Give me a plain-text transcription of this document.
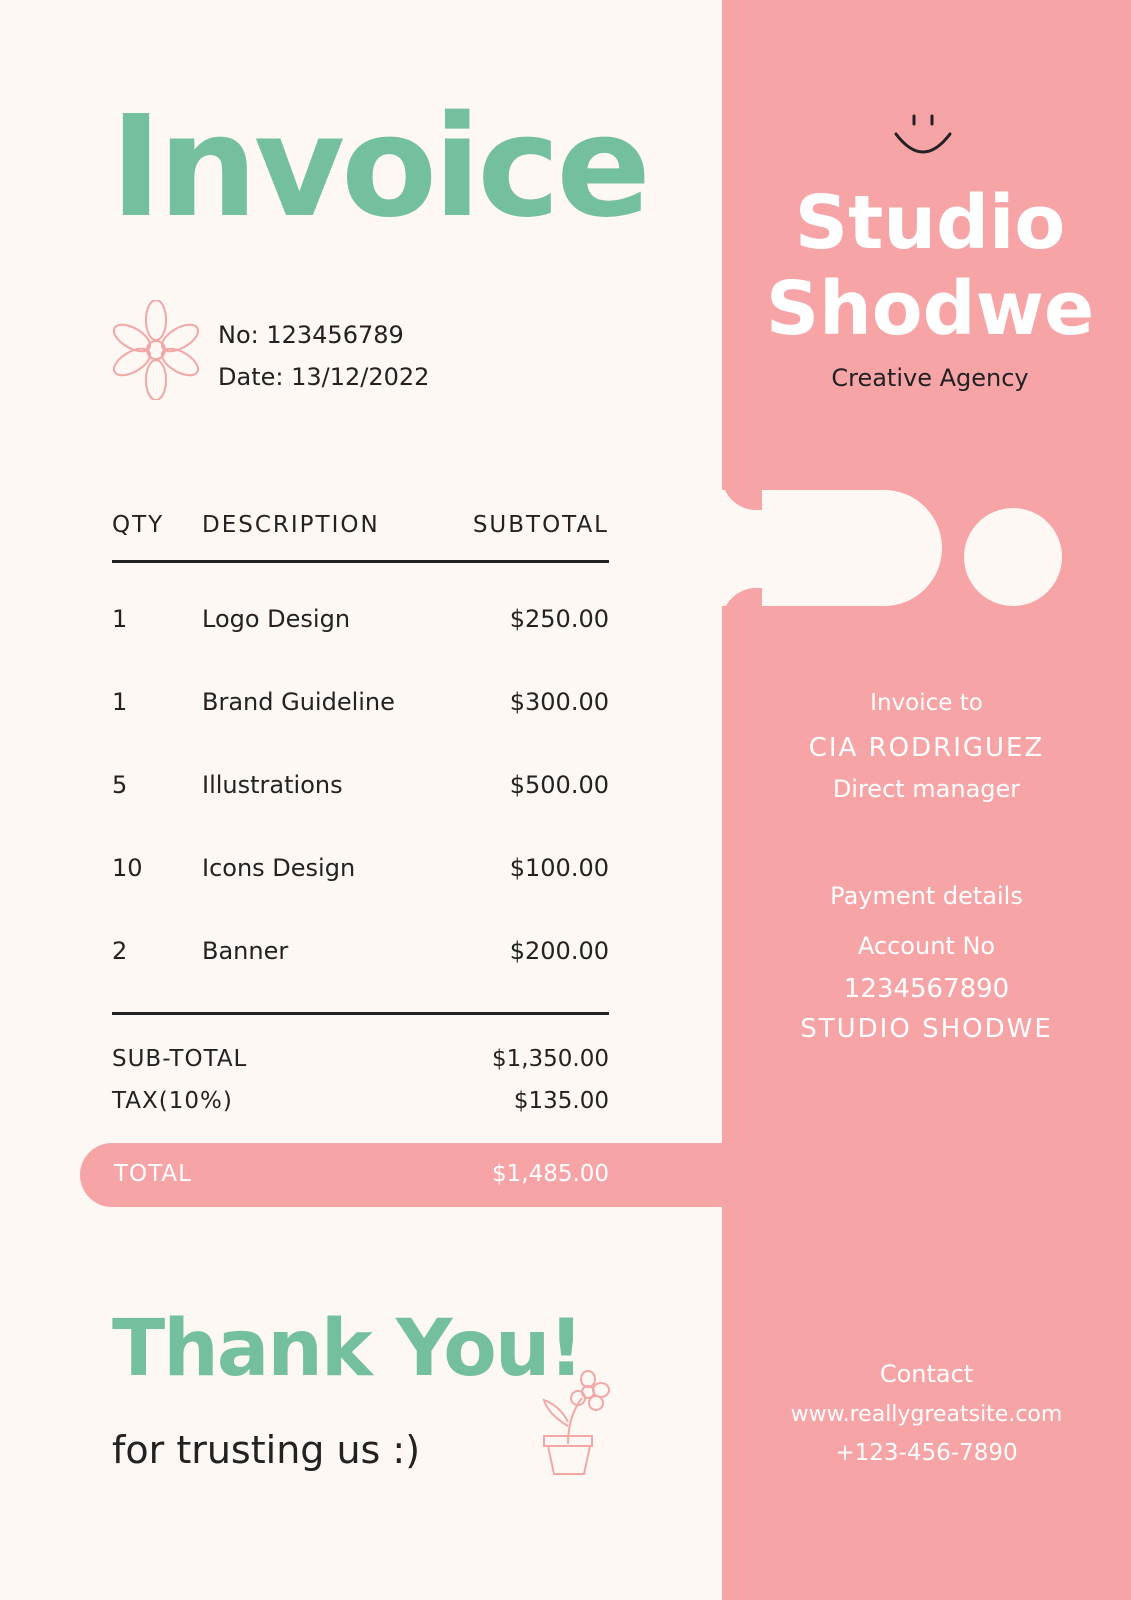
Invoice
No: 123456789
Date: 13/12/2022
QTY DESCRIPTION	SUBTOTAL
1	Logo Design	$250.00
1	Brand Guideline	$300.00
5	Illustrations	$500.00
10 Icons Design	$100.00
2	Banner	$200.00
SUB-TOTAL	$1,350.00
TAX(10%)	$135.00
TOTAL	$1,485.00
Thank You!
for trusting us :)
Studio
Shodwe
Creative Agency
Invoice to
CIA RODRIGUEZ
Direct manager
Payment details
Account No
1234567890
STUDIO SHODWE
Contact
www.reallygreatsite.com
+123-456-7890
